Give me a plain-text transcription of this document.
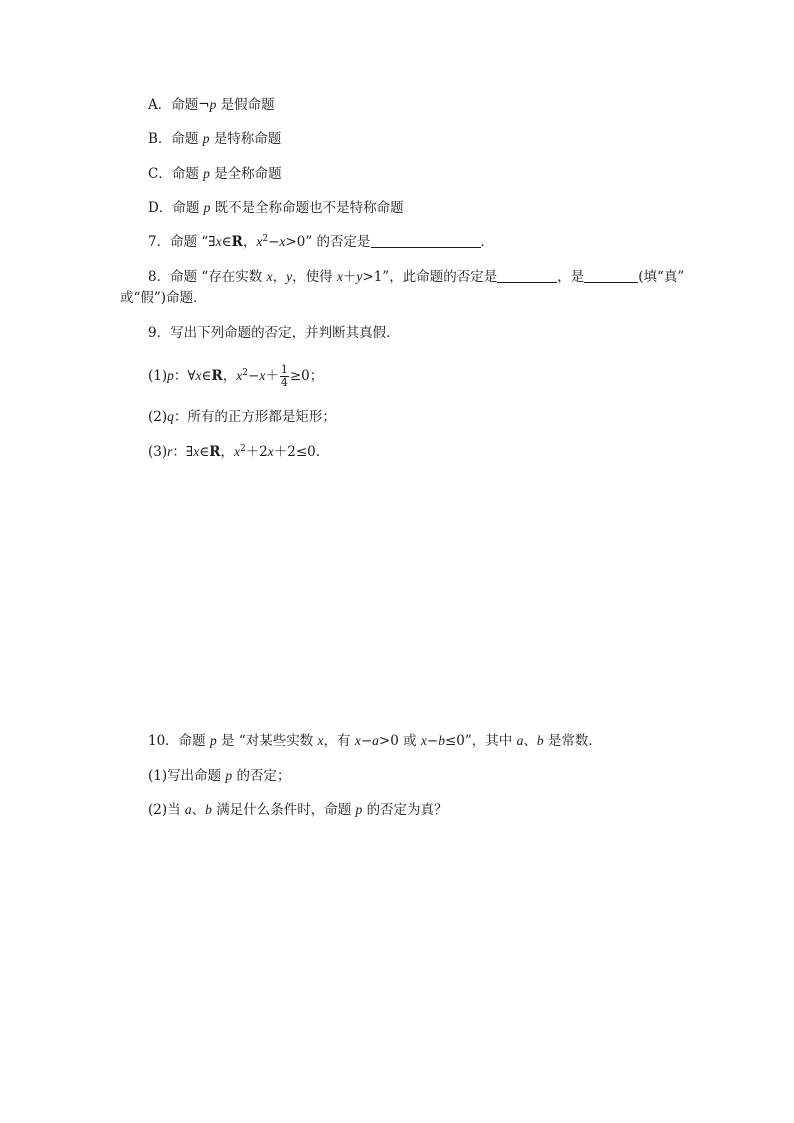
A．命题¬p 是假命题
B．命题 p 是特称命题
C．命题 p 是全称命题
D．命题 p 既不是全称命题也不是特称命题
7．命题 “∃x∈R，$x^2-x>0$” 的否定是	．
8．命题 “存在实数 x，y，使得 x＋y>1”，此命题的否定是	，是	(填“真”
或“假”)命题．
9．写出下列命题的否定，并判断其真假．
(1)p：∀x∈R，$x^2-x+ \frac{1}{4} \ge 0$；
(2)q：所有的正方形都是矩形；
(3)r：∃x∈R，$x^2+2x+2\le 0$.
10．命题 p 是 “对某些实数 x，有 x−a>0 或 x−b≤0”，其中 a、b 是常数．
(1)写出命题 p 的否定；
(2)当 a、b 满足什么条件时，命题 p 的否定为真？
